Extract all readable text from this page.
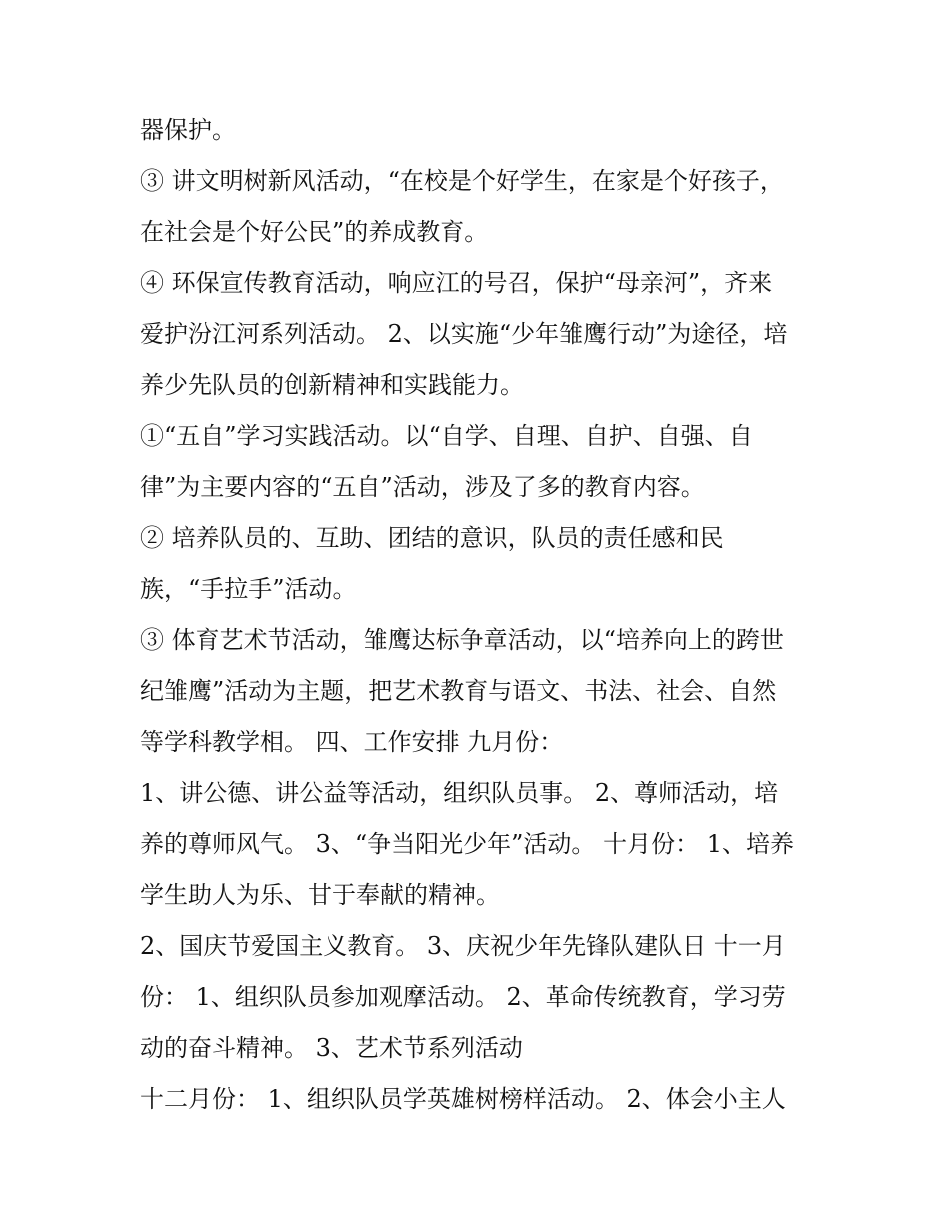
器保护。
③ 讲文明树新风活动，“在校是个好学生，在家是个好孩子，
在社会是个好公民”的养成教育。
④ 环保宣传教育活动，响应江的号召，保护“母亲河”，齐来
爱护汾江河系列活动。 2、以实施“少年雏鹰行动”为途径，培
养少先队员的创新精神和实践能力。
①“五自”学习实践活动。以“自学、自理、自护、自强、自
律”为主要内容的“五自”活动，涉及了多的教育内容。
② 培养队员的、互助、团结的意识，队员的责任感和民
族，“手拉手”活动。
③ 体育艺术节活动，雏鹰达标争章活动，以“培养向上的跨世
纪雏鹰”活动为主题，把艺术教育与语文、书法、社会、自然
等学科教学相。 四、工作安排 九月份：
1、讲公德、讲公益等活动，组织队员事。 2、尊师活动，培
养的尊师风气。 3、“争当阳光少年”活动。 十月份： 1、培养
学生助人为乐、甘于奉献的精神。
2、国庆节爱国主义教育。 3、庆祝少年先锋队建队日 十一月
份： 1、组织队员参加观摩活动。 2、革命传统教育，学习劳
动的奋斗精神。 3、艺术节系列活动
十二月份： 1、组织队员学英雄树榜样活动。 2、体会小主人
